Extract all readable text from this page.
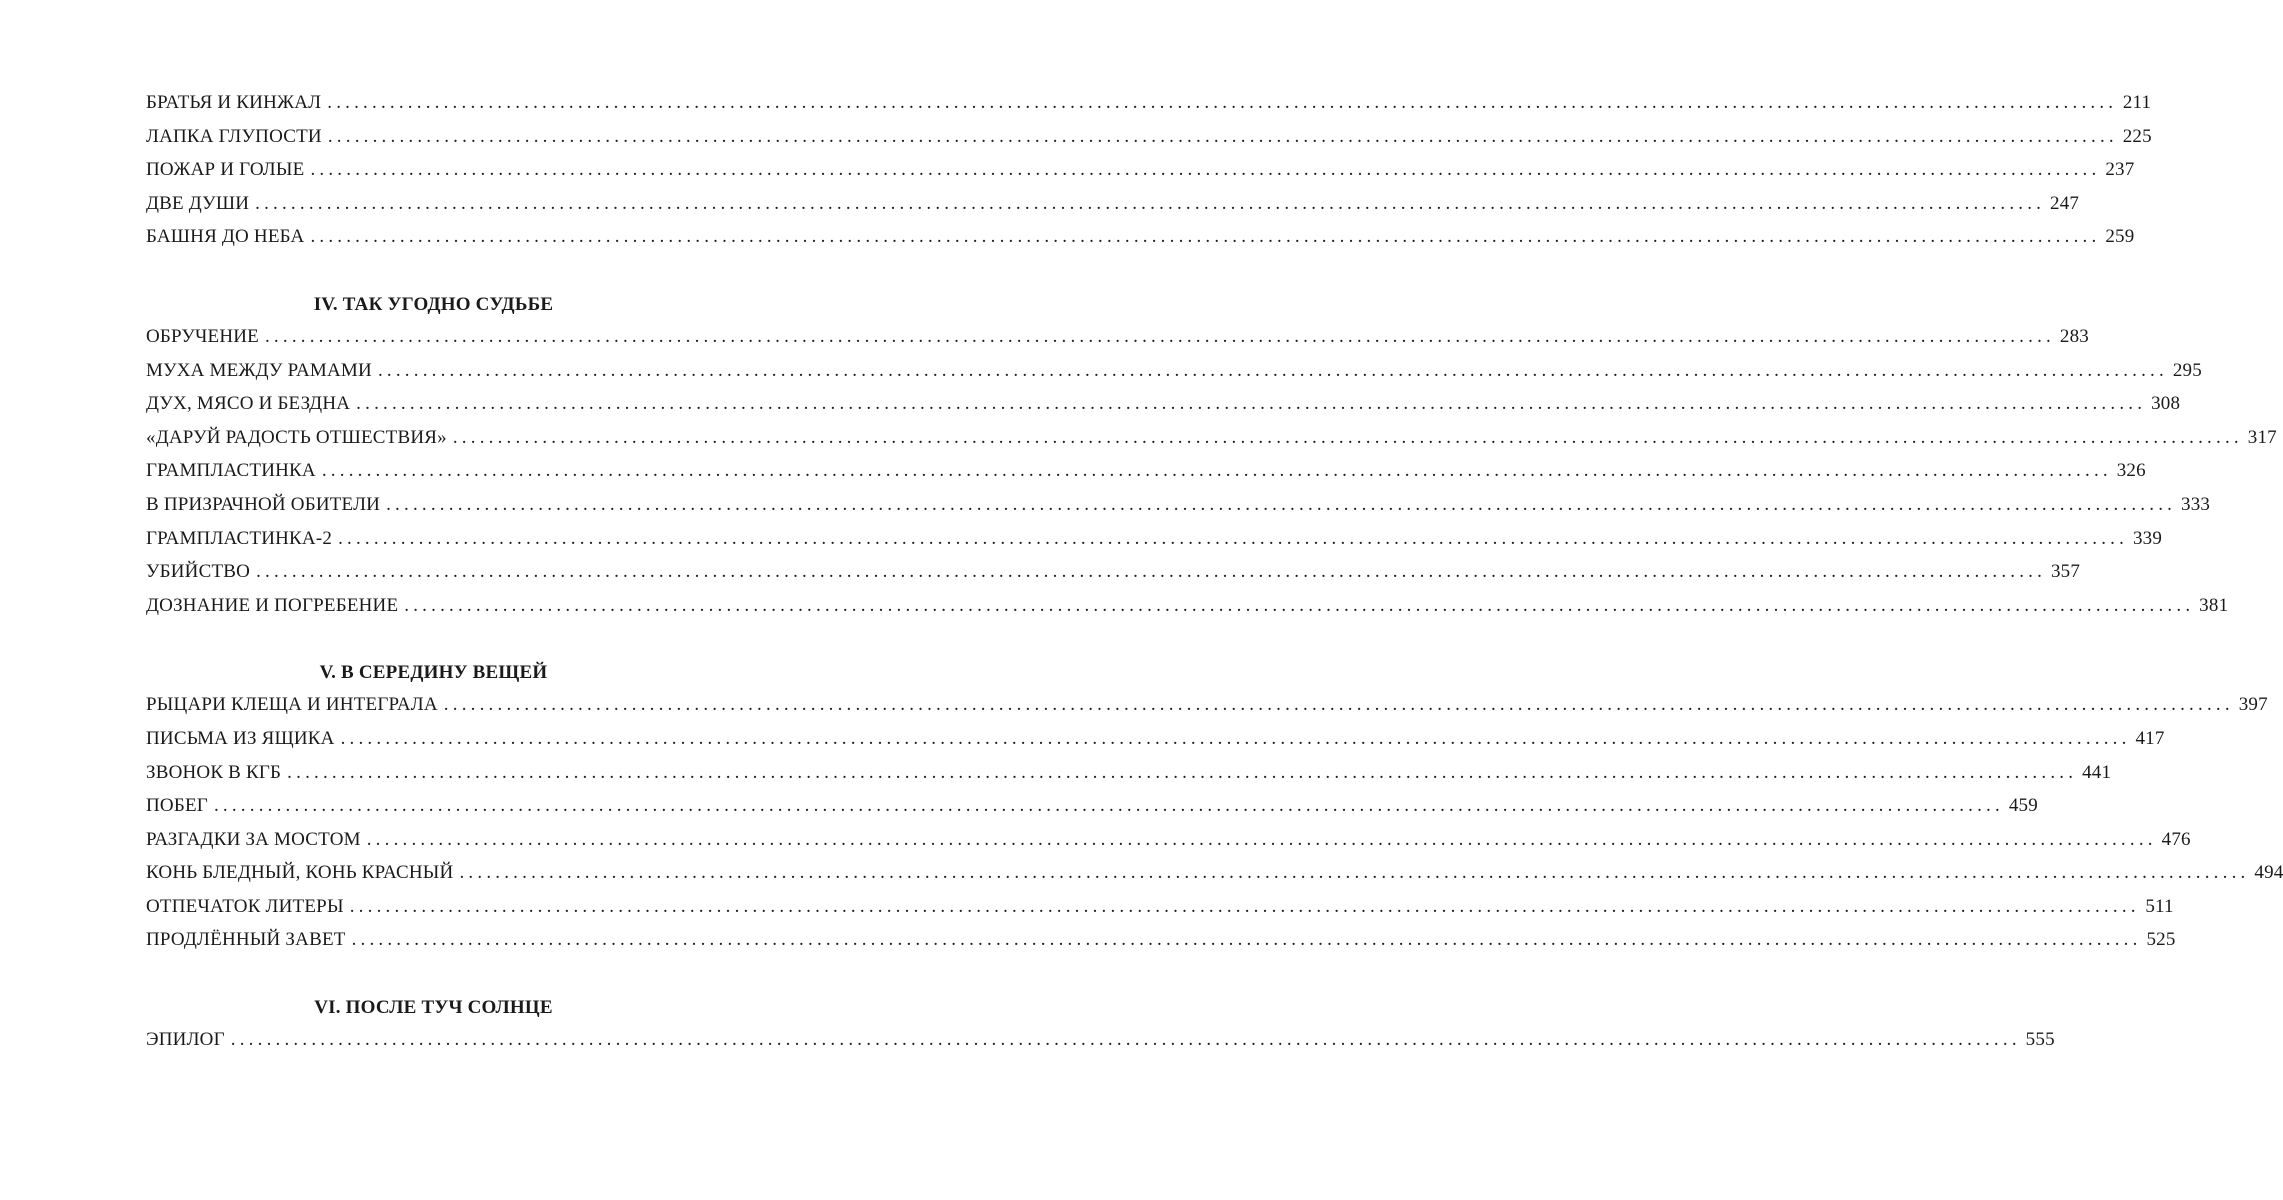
БРАТЬЯ И КИНЖАЛ ........................................................................................................................................................................................................ 211
ЛАПКА ГЛУПОСТИ ........................................................................................................................................................................................................ 225
ПОЖАР И ГОЛЫЕ ........................................................................................................................................................................................................ 237
ДВЕ ДУШИ ........................................................................................................................................................................................................ 247
БАШНЯ ДО НЕБА ........................................................................................................................................................................................................ 259
IV. ТАК УГОДНО СУДЬБЕ
ОБРУЧЕНИЕ ........................................................................................................................................................................................................ 283
МУХА МЕЖДУ РАМАМИ ........................................................................................................................................................................................................ 295
ДУХ, МЯСО И БЕЗДНА ........................................................................................................................................................................................................ 308
«ДАРУЙ РАДОСТЬ ОТШЕСТВИЯ» ........................................................................................................................................................................................................ 317
ГРАМПЛАСТИНКА ........................................................................................................................................................................................................ 326
В ПРИЗРАЧНОЙ ОБИТЕЛИ ........................................................................................................................................................................................................ 333
ГРАМПЛАСТИНКА-2 ........................................................................................................................................................................................................ 339
УБИЙСТВО ........................................................................................................................................................................................................ 357
ДОЗНАНИЕ И ПОГРЕБЕНИЕ ........................................................................................................................................................................................................ 381
V. В СЕРЕДИНУ ВЕЩЕЙ
РЫЦАРИ КЛЕЩА И ИНТЕГРАЛА ........................................................................................................................................................................................................ 397
ПИСЬМА ИЗ ЯЩИКА ........................................................................................................................................................................................................ 417
ЗВОНОК В КГБ ........................................................................................................................................................................................................ 441
ПОБЕГ ........................................................................................................................................................................................................ 459
РАЗГАДКИ ЗА МОСТОМ ........................................................................................................................................................................................................ 476
КОНЬ БЛЕДНЫЙ, КОНЬ КРАСНЫЙ ........................................................................................................................................................................................................ 494
ОТПЕЧАТОК ЛИТЕРЫ ........................................................................................................................................................................................................ 511
ПРОДЛЁННЫЙ ЗАВЕТ ........................................................................................................................................................................................................ 525
VI. ПОСЛЕ ТУЧ СОЛНЦЕ
ЭПИЛОГ ........................................................................................................................................................................................................ 555
